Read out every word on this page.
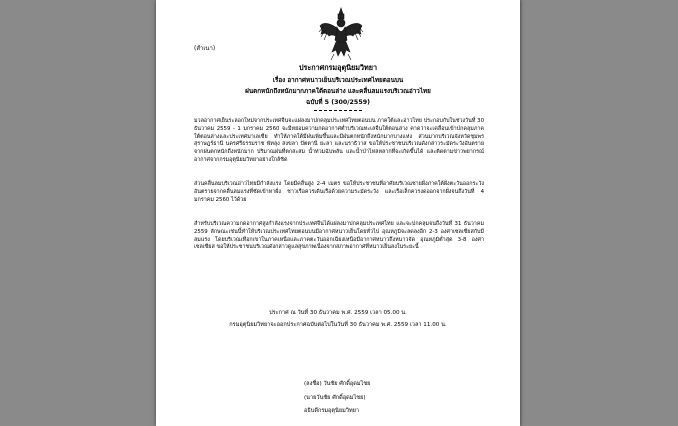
(สำเนา)
ประกาศกรมอุตุนิยมวิทยา
เรื่อง อากาศหนาวเย็นบริเวณประเทศไทยตอนบน
ฝนตกหนักถึงหนักมากภาคใต้ตอนล่าง และคลื่นลมแรงบริเวณอ่าวไทย
ฉบับที่ 5 (300/2559)
มวลอากาศเย็นระลอกใหม่จากประเทศจีนจะแผ่ลงมาปกคลุมประเทศไทยตอนบน ภาคใต้และอ่าวไทย ประกอบกับในช่วงวันที่ 30 ธันวาคม 2559 - 1 มกราคม 2560 จะมีหย่อมความกดอากาศต่ำบริเวณทะเลจีนใต้ตอนล่าง คาดว่าจะเคลื่อนเข้าปกคลุมภาคใต้ตอนล่างและประเทศมาเลเซีย ทำให้ภาคใต้มีฝนเพิ่มขึ้นและมีฝนตกหนักถึงหนักมากบางแห่ง ส่วนมากบริเวณจังหวัดชุมพร สุราษฎร์ธานี นครศรีธรรมราช พัทลุง สงขลา ปัตตานี ยะลา และนราธิวาส ขอให้ประชาชนบริเวณดังกล่าวระมัดระวังอันตรายจากฝนตกหนักถึงหนักมาก ปริมาณฝนที่ตกสะสม น้ำท่วมฉับพลัน และน้ำป่าไหลหลากที่จะเกิดขึ้นได้ และติดตามข่าวพยากรณ์อากาศจากกรมอุตุนิยมวิทยาอย่างใกล้ชิด
ส่วนคลื่นลมบริเวณอ่าวไทยมีกำลังแรง โดยมีคลื่นสูง 2-4 เมตร ขอให้ประชาชนที่อาศัยบริเวณชายฝั่งภาคใต้ฝั่งตะวันออกระวังอันตรายจากคลื่นลมแรงที่ซัดเข้าหาฝั่ง ชาวเรือควรเดินเรือด้วยความระมัดระวัง และเรือเล็กควรงดออกจากฝั่งจนถึงวันที่ 4 มกราคม 2560 ไว้ด้วย
สำหรับบริเวณความกดอากาศสูงกำลังแรงจากประเทศจีนได้แผ่ลงมาปกคลุมประเทศไทย และจะปกคลุมจนถึงวันที่ 31 ธันวาคม 2559 ลักษณะเช่นนี้ทำให้บริเวณประเทศไทยตอนบนมีอากาศหนาวเย็นโดยทั่วไป อุณหภูมิจะลดลงอีก 2-3 องศาเซลเซียสกับมีลมแรง โดยบริเวณเทือกเขาในภาคเหนือและภาคตะวันออกเฉียงเหนือมีอากาศหนาวถึงหนาวจัด อุณหภูมิต่ำสุด 3-8 องศาเซลเซียส ขอให้ประชาชนบริเวณดังกล่าวดูแลสุขภาพเนื่องจากสภาพอากาศที่หนาวเย็นลงในระยะนี้
ประกาศ ณ วันที่ 30 ธันวาคม พ.ศ. 2559 เวลา 05.00 น.
กรมอุตุนิยมวิทยาจะออกประกาศฉบับต่อไปในวันที่ 30 ธันวาคม พ.ศ. 2559 เวลา 11.00 น.
(ลงชื่อ) วันชัย ศักดิ์อุดมไชย
(นายวันชัย ศักดิ์อุดมไชย)
อธิบดีกรมอุตุนิยมวิทยา
